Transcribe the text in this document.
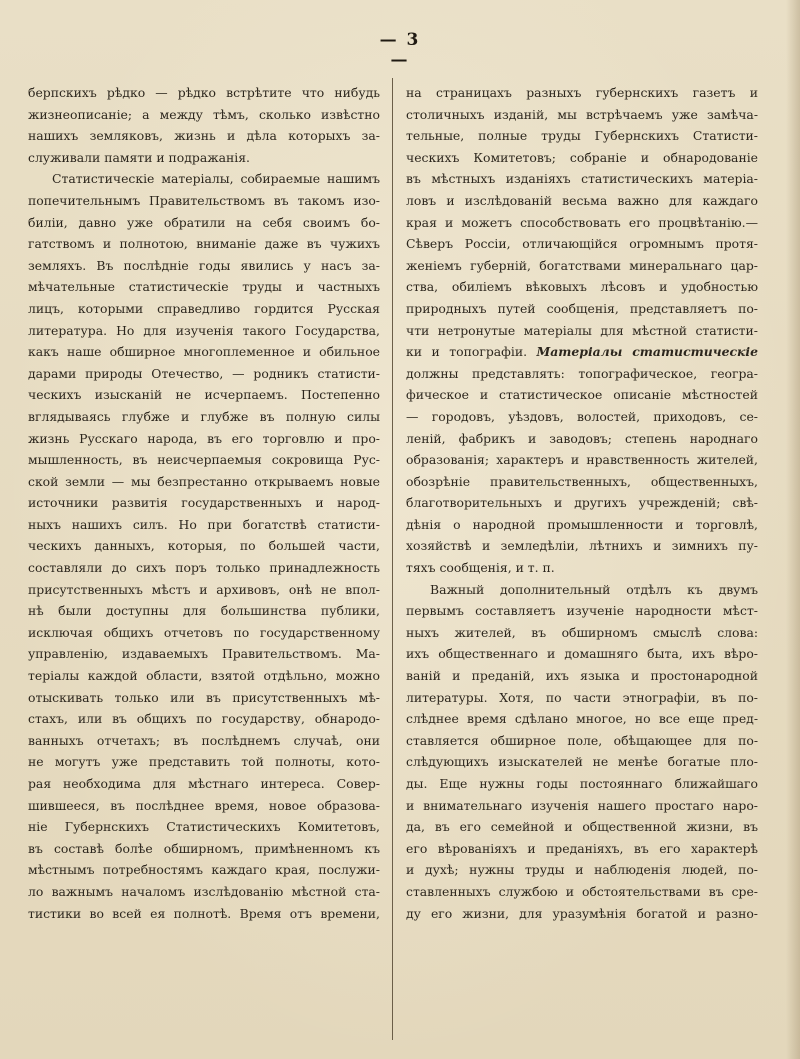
— 3 —
берпскихъ рѣдко — рѣдко встрѣтите что нибудь
жизнеописаніе; а между тѣмъ, сколько извѣстно
нашихъ земляковъ, жизнь и дѣла которыхъ за-
служивали памяти и подражанія.
Статистическіе матеріалы, собираемые нашимъ
попечительнымъ Правительствомъ въ такомъ изо-
биліи, давно уже обратили на себя своимъ бо-
гатствомъ и полнотою, вниманіе даже въ чужихъ
земляхъ. Въ послѣдніе годы явились у насъ за-
мѣчательные статистическіе труды и частныхъ
лицъ, которыми справедливо гордится Русская
литература. Но для изученія такого Государства,
какъ наше обширное многоплеменное и обильное
дарами природы Отечество, — родникъ статисти-
ческихъ изысканій не исчерпаемъ. Постепенно
вглядываясь глубже и глубже въ полную силы
жизнь Русскаго народа, въ его торговлю и про-
мышленность, въ неисчерпаемыя сокровища Рус-
ской земли — мы безпрестанно открываемъ новые
источники развитія государственныхъ и народ-
ныхъ нашихъ силъ. Но при богатствѣ статисти-
ческихъ данныхъ, которыя, по большей части,
составляли до сихъ поръ только принадлежность
присутственныхъ мѣстъ и архивовъ, онѣ не впол-
нѣ были доступны для большинства публики,
исключая общихъ отчетовъ по государственному
управленію, издаваемыхъ Правительствомъ. Ма-
теріалы каждой области, взятой отдѣльно, можно
отыскивать только или въ присутственныхъ мѣ-
стахъ, или въ общихъ по государству, обнародо-
ванныхъ отчетахъ; въ послѣднемъ случаѣ, они
не могутъ уже представить той полноты, кото-
рая необходима для мѣстнаго интереса. Совер-
шившееся, въ послѣднее время, новое образова-
ніе Губернскихъ Статистическихъ Комитетовъ,
въ составѣ болѣе обширномъ, примѣненномъ къ
мѣстнымъ потребностямъ каждаго края, послужи-
ло важнымъ началомъ изслѣдованію мѣстной ста-
тистики во всей ея полнотѣ. Время отъ времени,
на страницахъ разныхъ губернскихъ газетъ и
столичныхъ изданій, мы встрѣчаемъ уже замѣча-
тельные, полные труды Губернскихъ Статисти-
ческихъ Комитетовъ; собраніе и обнародованіе
въ мѣстныхъ изданіяхъ статистическихъ матеріа-
ловъ и изслѣдованій весьма важно для каждаго
края и можетъ способствовать его процвѣтанію.—
Сѣверъ Россіи, отличающійся огромнымъ протя-
женіемъ губерній, богатствами минеральнаго цар-
ства, обиліемъ вѣковыхъ лѣсовъ и удобностью
природныхъ путей сообщенія, представляетъ по-
чти нетронутые матеріалы для мѣстной статисти-
ки и топографіи. Матеріалы статистическіе
должны представлять: топографическое, геогра-
фическое и статистическое описаніе мѣстностей
— городовъ, уѣздовъ, волостей, приходовъ, се-
леній, фабрикъ и заводовъ; степень народнаго
образованія; характеръ и нравственность жителей,
обозрѣніе правительственныхъ, общественныхъ,
благотворительныхъ и другихъ учрежденій; свѣ-
дѣнія о народной промышленности и торговлѣ,
хозяйствѣ и земледѣліи, лѣтнихъ и зимнихъ пу-
тяхъ сообщенія, и т. п.
Важный дополнительный отдѣлъ къ двумъ
первымъ составляетъ изученіе народности мѣст-
ныхъ жителей, въ обширномъ смыслѣ слова:
ихъ общественнаго и домашняго быта, ихъ вѣро-
ваній и преданій, ихъ языка и простонародной
литературы. Хотя, по части этнографіи, въ по-
слѣднее время сдѣлано многое, но все еще пред-
ставляется обширное поле, обѣщающее для по-
слѣдующихъ изыскателей не менѣе богатые пло-
ды. Еще нужны годы постояннаго ближайшаго
и внимательнаго изученія нашего простаго наро-
да, въ его семейной и общественной жизни, въ
его вѣрованіяхъ и преданіяхъ, въ его характерѣ
и духѣ; нужны труды и наблюденія людей, по-
ставленныхъ службою и обстоятельствами въ сре-
ду его жизни, для уразумѣнія богатой и разно-
